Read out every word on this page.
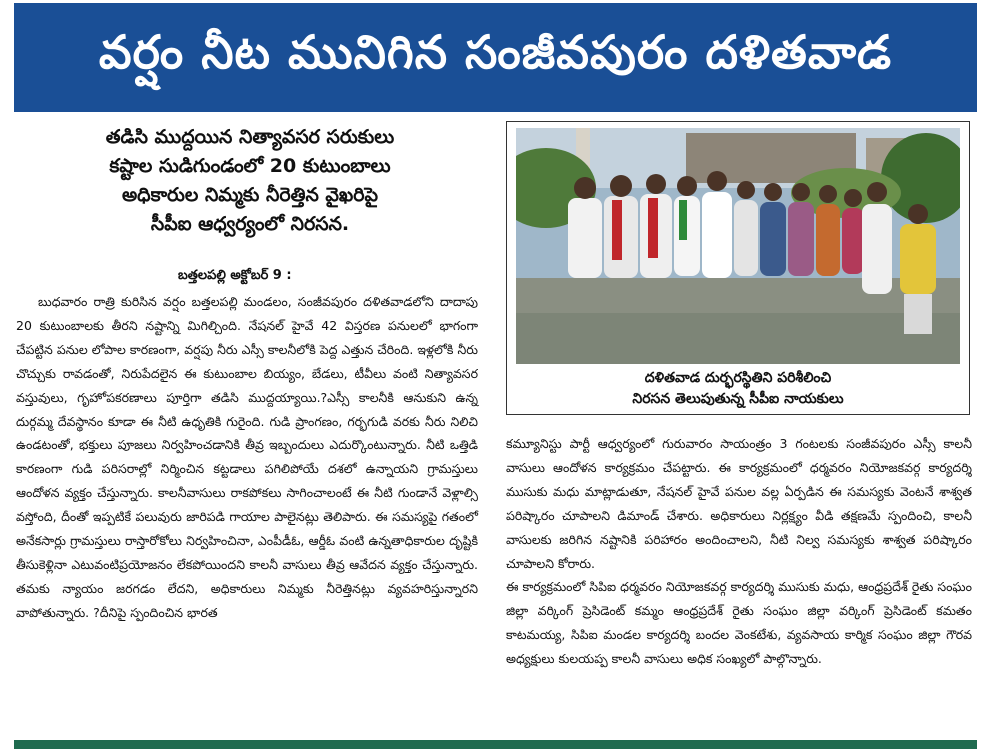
వర్షం నీట మునిగిన సంజీవపురం దళితవాడ
తడిసి ముద్దయిన నిత్యావసర సరుకులు
కష్టాల సుడిగుండంలో 20 కుటుంబాలు
అధికారుల నిమ్మకు నీరెత్తిన వైఖరిపై
సీపీఐ ఆధ్వర్యంలో నిరసన.
బత్తలపల్లి అక్టోబర్ 9 :
బుధవారం రాత్రి కురిసిన వర్షం బత్తలపల్లి మండలం, సంజీవపురం దళితవాడలోని దాదాపు 20 కుటుంబాలకు తీరని నష్టాన్ని మిగిల్చింది. నేషనల్ హైవే 42 విస్తరణ పనులలో భాగంగా చేపట్టిన పనుల లోపాల కారణంగా, వర్షపు నీరు ఎస్సీ కాలనీలోకి పెద్ద ఎత్తున చేరింది. ఇళ్లలోకి నీరు చొచ్చుకు రావడంతో, నిరుపేదలైన ఈ కుటుంబాల బియ్యం, బేడలు, టీవీలు వంటి నిత్యావసర వస్తువులు, గృహోపకరణాలు పూర్తిగా తడిసి ముద్దయ్యాయి.?ఎస్సీ కాలనీకి ఆనుకుని ఉన్న దుర్గమ్మ దేవస్థానం కూడా ఈ నీటి ఉధృతికి గురైంది. గుడి ప్రాంగణం, గర్భగుడి వరకు నీరు నిలిచి ఉండటంతో, భక్తులు పూజలు నిర్వహించడానికి తీవ్ర ఇబ్బందులు ఎదుర్కొంటున్నారు. నీటి ఒత్తిడి కారణంగా గుడి పరిసరాల్లో నిర్మించిన కట్టడాలు పగిలిపోయే దశలో ఉన్నాయని గ్రామస్తులు ఆందోళన వ్యక్తం చేస్తున్నారు. కాలనీవాసులు రాకపోకలు సాగించాలంటే ఈ నీటి గుండానే వెళ్లాల్సి వస్తోంది, దీంతో ఇప్పటికే పలువురు జారిపడి గాయాల పాలైనట్లు తెలిపారు. ఈ సమస్యపై గతంలో అనేకసార్లు గ్రామస్తులు రాస్తారోకోలు నిర్వహించినా, ఎంపీడీఓ, ఆర్డీఓ వంటి ఉన్నతాధికారుల దృష్టికి తీసుకెళ్లినా ఎటువంటిప్రయోజనం లేకపోయిందని కాలనీ వాసులు తీవ్ర ఆవేదన వ్యక్తం చేస్తున్నారు. తమకు న్యాయం జరగడం లేదని, అధికారులు నిమ్మకు నీరెత్తినట్లు వ్యవహరిస్తున్నారని వాపోతున్నారు. ?దీనిపై స్పందించిన భారత
దళితవాడ దుర్భరస్థితిని పరిశీలించి
నిరసన తెలుపుతున్న సీపీఐ నాయకులు
కమ్యూనిస్టు పార్టీ ఆధ్వర్యంలో గురువారం సాయంత్రం 3 గంటలకు సంజీవపురం ఎస్సీ కాలనీ వాసులు ఆందోళన కార్యక్రమం చేపట్టారు. ఈ కార్యక్రమంలో ధర్మవరం నియోజకవర్గ కార్యదర్శి ముసుకు మధు మాట్లాడుతూ, నేషనల్ హైవే పనుల వల్ల ఏర్పడిన ఈ సమస్యకు వెంటనే శాశ్వత పరిష్కారం చూపాలని డిమాండ్ చేశారు. అధికారులు నిర్లక్ష్యం వీడి తక్షణమే స్పందించి, కాలనీ వాసులకు జరిగిన నష్టానికి పరిహారం అందించాలని, నీటి నిల్వ సమస్యకు శాశ్వత పరిష్కారం చూపాలని కోరారు.
ఈ కార్యక్రమంలో సిపిఐ ధర్మవరం నియోజకవర్గ కార్యదర్శి ముసుకు మధు, ఆంధ్రప్రదేశ్ రైతు సంఘం జిల్లా వర్కింగ్ ప్రెసిడెంట్ కమ్మం ఆంధ్రప్రదేశ్ రైతు సంఘం జిల్లా వర్కింగ్ ప్రెసిడెంట్ కమతం కాటమయ్య, సిపిఐ మండల కార్యదర్శి బందల వెంకటేశు, వ్యవసాయ కార్మిక సంఘం జిల్లా గౌరవ అధ్యక్షులు కులయప్ప కాలనీ వాసులు అధిక సంఖ్యలో పాల్గొన్నారు.
